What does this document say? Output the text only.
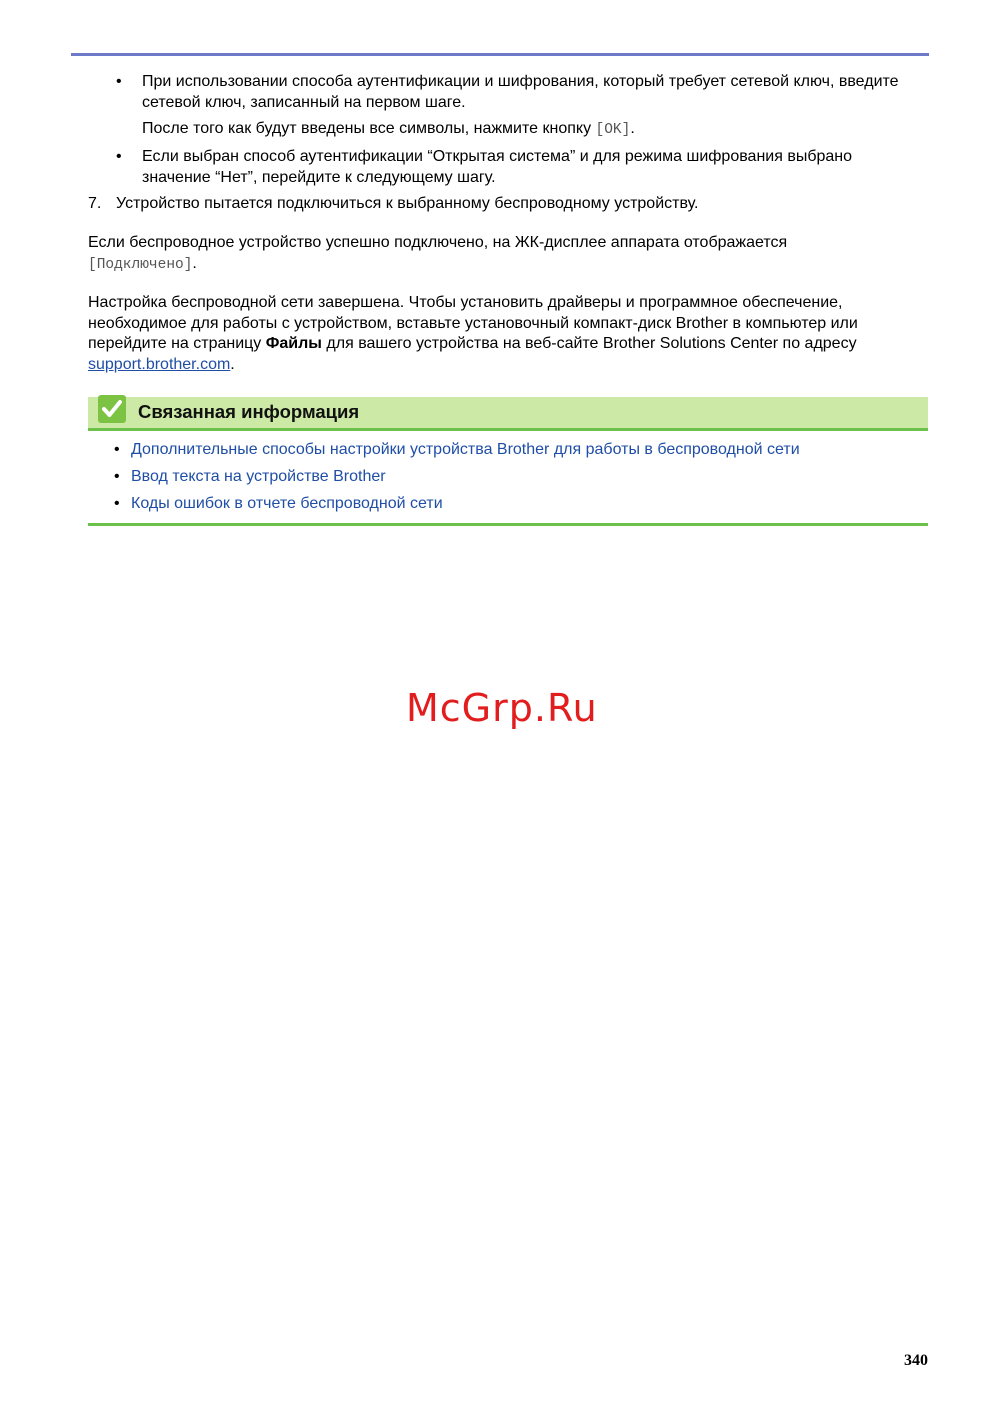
•	При использовании способа аутентификации и шифрования, который требует сетевой ключ, введите сетевой ключ, записанный на первом шаге.
После того как будут введены все символы, нажмите кнопку [OK].
•	Если выбран способ аутентификации “Открытая система” и для режима шифрования выбрано значение “Нет”, перейдите к следующему шагу.
7. Устройство пытается подключиться к выбранному беспроводному устройству.
Если беспроводное устройство успешно подключено, на ЖК-дисплее аппарата отображается
[Подключено].
Настройка беспроводной сети завершена. Чтобы установить драйверы и программное обеспечение, необходимое для работы с устройством, вставьте установочный компакт-диск Brother в компьютер или перейдите на страницу Файлы для вашего устройства на веб-сайте Brother Solutions Center по адресу support.brother.com.
Связанная информация
• Дополнительные способы настройки устройства Brother для работы в беспроводной сети
• Ввод текста на устройстве Brother
• Коды ошибок в отчете беспроводной сети
McGrp.Ru
340
